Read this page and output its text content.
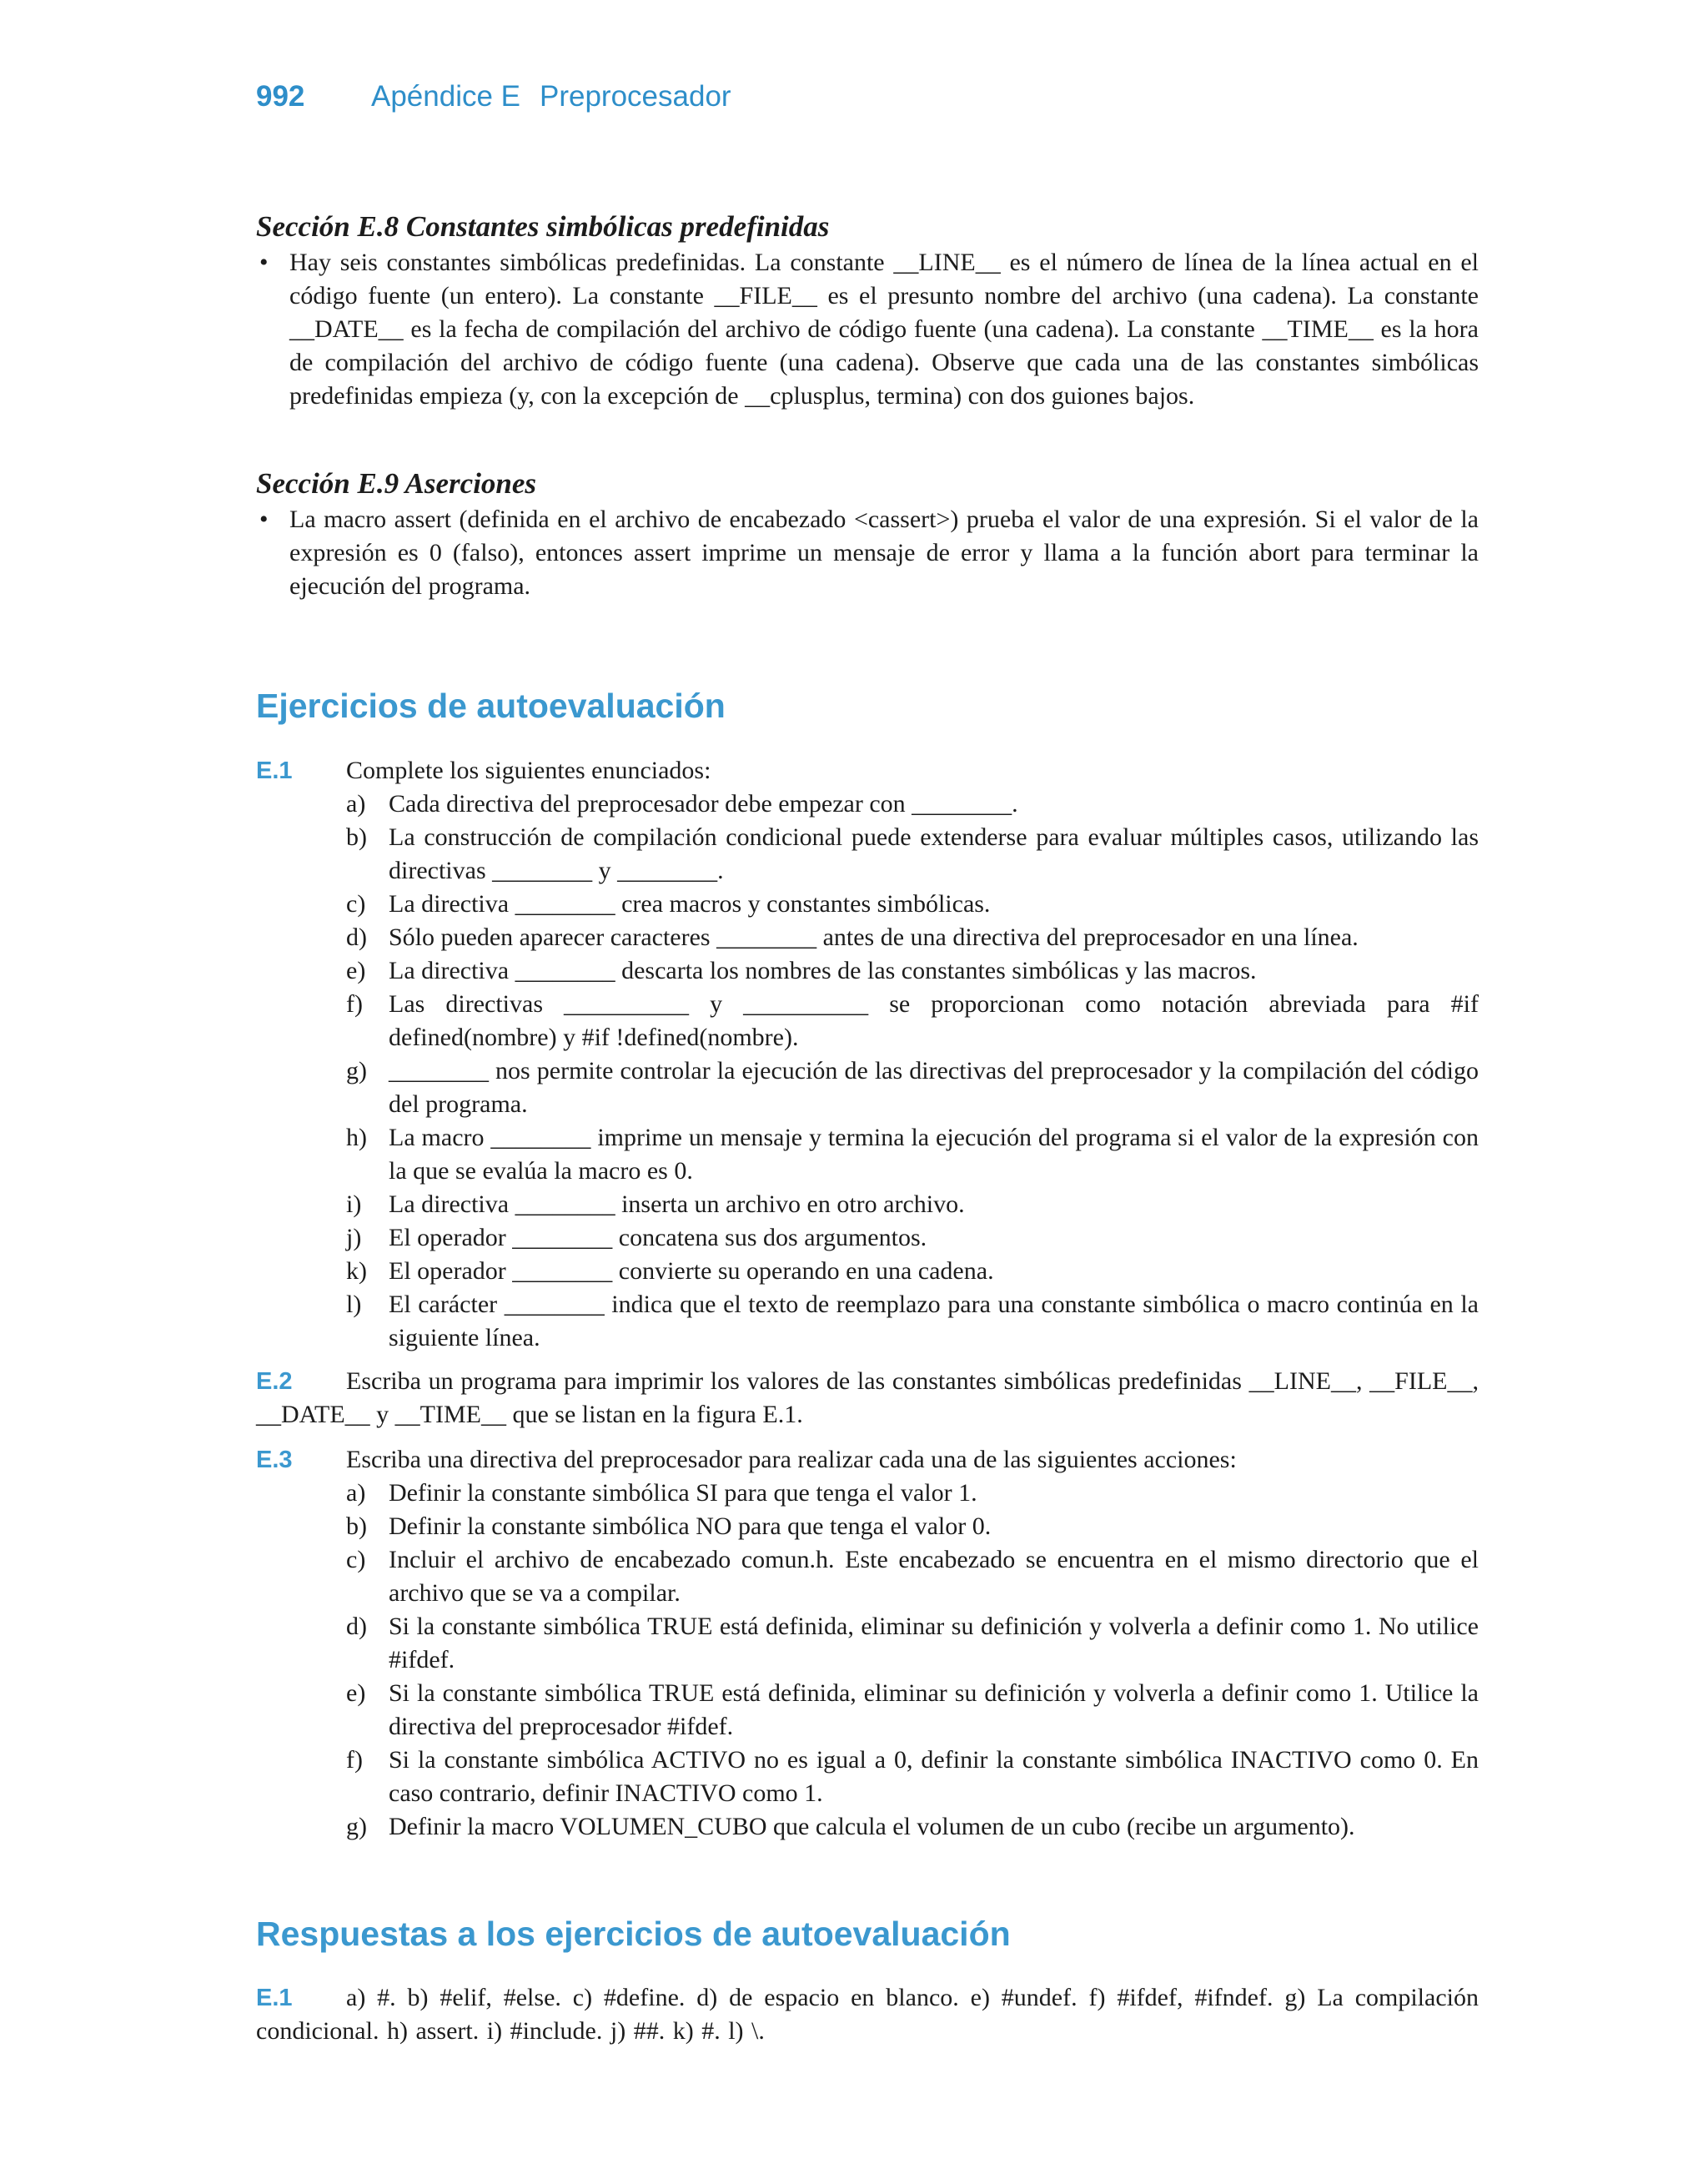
992	Apéndice E Preprocesador
Sección E.8 Constantes simbólicas predefinidas
• Hay seis constantes simbólicas predefinidas. La constante __LINE__ es el número de línea de la línea actual en el código fuente (un entero). La constante __FILE__ es el presunto nombre del archivo (una cadena). La constante __DATE__ es la fecha de compilación del archivo de código fuente (una cadena). La constante __TIME__ es la hora de compilación del archivo de código fuente (una cadena). Observe que cada una de las constantes simbólicas predefinidas empieza (y, con la excepción de __cplusplus, termina) con dos guiones bajos.

Sección E.9 Aserciones
• La macro assert (definida en el archivo de encabezado <cassert>) prueba el valor de una expresión. Si el valor de la expresión es 0 (falso), entonces assert imprime un mensaje de error y llama a la función abort para terminar la ejecución del programa.

Ejercicios de autoevaluación
E.1	Complete los siguientes enunciados:

a) Cada directiva del preprocesador debe empezar con ________.
b) La construcción de compilación condicional puede extenderse para evaluar múltiples casos, utilizando las directivas ________ y ________.
c) La directiva ________ crea macros y constantes simbólicas.
d) Sólo pueden aparecer caracteres ________ antes de una directiva del preprocesador en una línea.
e) La directiva ________ descarta los nombres de las constantes simbólicas y las macros.
f) Las directivas __________ y __________ se proporcionan como notación abreviada para #if defined(nombre) y #if !defined(nombre).
g) ________ nos permite controlar la ejecución de las directivas del preprocesador y la compilación del código del programa.
h) La macro ________ imprime un mensaje y termina la ejecución del programa si el valor de la expresión con la que se evalúa la macro es 0.
i) La directiva ________ inserta un archivo en otro archivo.
j) El operador ________ concatena sus dos argumentos.
k) El operador ________ convierte su operando en una cadena.
l) El carácter ________ indica que el texto de reemplazo para una constante simbólica o macro continúa en la siguiente línea.
E.2	Escriba un programa para imprimir los valores de las constantes simbólicas predefinidas __LINE__, __FILE__, __DATE__ y __TIME__ que se listan en la figura E.1.

E.3	Escriba una directiva del preprocesador para realizar cada una de las siguientes acciones:

a) Definir la constante simbólica SI para que tenga el valor 1.
b) Definir la constante simbólica NO para que tenga el valor 0.
c) Incluir el archivo de encabezado comun.h. Este encabezado se encuentra en el mismo directorio que el archivo que se va a compilar.
d) Si la constante simbólica TRUE está definida, eliminar su definición y volverla a definir como 1. No utilice #ifdef.
e) Si la constante simbólica TRUE está definida, eliminar su definición y volverla a definir como 1. Utilice la directiva del preprocesador #ifdef.
f) Si la constante simbólica ACTIVO no es igual a 0, definir la constante simbólica INACTIVO como 0. En caso contrario, definir INACTIVO como 1.
g) Definir la macro VOLUMEN_CUBO que calcula el volumen de un cubo (recibe un argumento).
Respuestas a los ejercicios de autoevaluación
E.1	a) #. b) #elif, #else. c) #define. d) de espacio en blanco. e) #undef. f) #ifdef, #ifndef. g) La compilación condicional. h) assert. i) #include. j) ##. k) #. l) \.
